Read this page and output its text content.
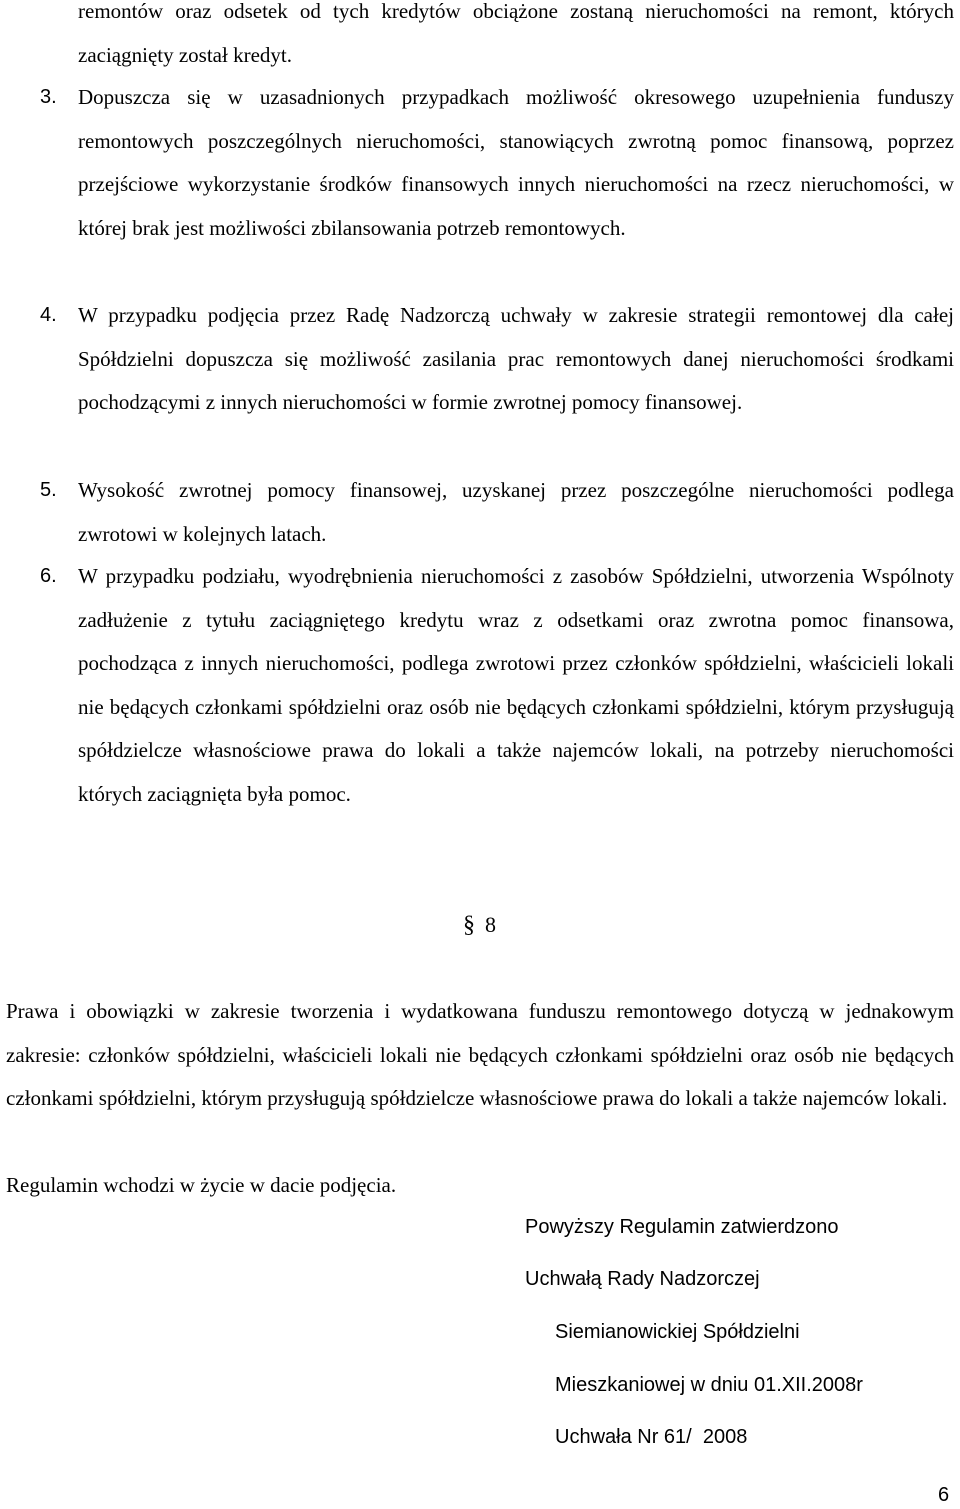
remontów oraz odsetek od tych kredytów obciążone zostaną nieruchomości na remont, których zaciągnięty został kredyt.

3. Dopuszcza się w uzasadnionych przypadkach możliwość okresowego uzupełnienia funduszy remontowych poszczególnych nieruchomości, stanowiących zwrotną pomoc finansową, poprzez przejściowe wykorzystanie środków finansowych innych nieruchomości na rzecz nieruchomości, w której brak jest możliwości zbilansowania potrzeb remontowych.
4. W przypadku podjęcia przez Radę Nadzorczą uchwały w zakresie strategii remontowej dla całej Spółdzielni dopuszcza się możliwość zasilania prac remontowych danej nieruchomości środkami pochodzącymi z innych nieruchomości w formie zwrotnej pomocy finansowej.
5. Wysokość zwrotnej pomocy finansowej, uzyskanej przez poszczególne nieruchomości podlega zwrotowi w kolejnych latach.
6. W przypadku podziału, wyodrębnienia nieruchomości z zasobów Spółdzielni, utworzenia Wspólnoty zadłużenie z tytułu zaciągniętego kredytu wraz z odsetkami oraz zwrotna pomoc finansowa, pochodząca z innych nieruchomości, podlega zwrotowi przez członków spółdzielni, właścicieli lokali nie będących członkami spółdzielni oraz osób nie będących członkami spółdzielni, którym przysługują spółdzielcze własnościowe prawa do lokali a także najemców lokali, na potrzeby nieruchomości których zaciągnięta była pomoc.
§ 8

Prawa i obowiązki w zakresie tworzenia i wydatkowana funduszu remontowego dotyczą w jednakowym zakresie: członków spółdzielni, właścicieli lokali nie będących członkami spółdzielni oraz osób nie będących członkami spółdzielni, którym przysługują spółdzielcze własnościowe prawa do lokali a także najemców lokali.

Regulamin wchodzi w życie w dacie podjęcia.

Powyższy Regulamin zatwierdzono
Uchwałą Rady Nadzorczej
Siemianowickiej Spółdzielni
Mieszkaniowej w dniu 01.XII.2008r
Uchwała Nr 61/  2008
6
